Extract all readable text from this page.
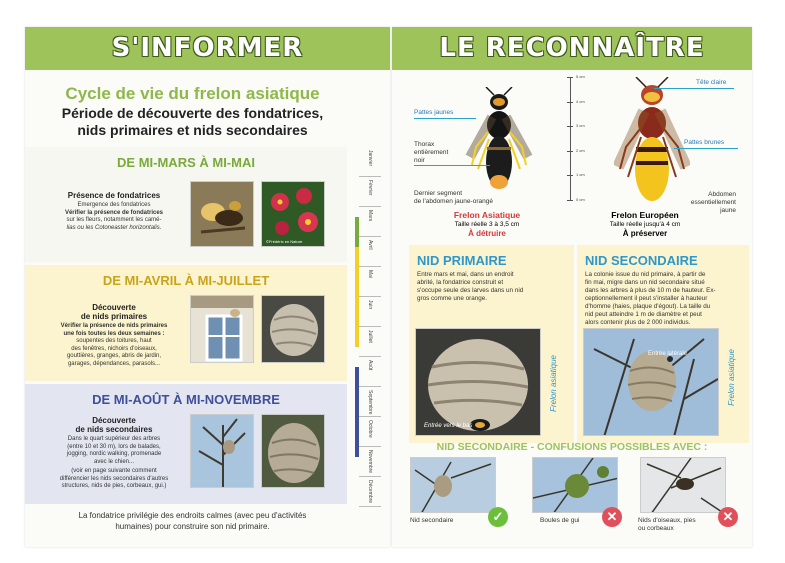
S'INFORMER
Cycle de vie du frelon asiatique
Période de découverte des fondatrices,
nids primaires et nids secondaires
DE MI-MARS À MI-MAI
Présence de fondatrices
Emergence des fondatrices
Vérifier la présence de fondatrices
sur les fleurs, notamment les camé-
lias ou les Cotoneaster horizontalis.
©Frédéric en Nature
DE MI-AVRIL À MI-JUILLET
Découverte
de nids primaires
Vérifier la présence de nids primaires
une fois toutes les deux semaines :
soupentes des toitures, haut
des fenêtres, nichoirs d'oiseaux,
gouttières, granges, abris de jardin,
garages, dépendances, parasols...
DE MI-AOÛT À MI-NOVEMBRE
Découverte
de nids secondaires
Dans le quart supérieur des arbres
(entre 10 et 30 m), lors de balades,
jogging, nordic walking, promenade
avec le chien...
(voir en page suivante comment
différencier les nids secondaires d'autres
structures, nids de pies, corbeaux, gui.)
Janvier
Février
Mars
Avril
Mai
Juin
Juillet
Août
Septembre
Octobre
Novembre
Décembre
La fondatrice privilégie des endroits calmes (avec peu d'activités
humaines) pour construire son nid primaire.
LE RECONNAÎTRE
Pattes jaunes
Thorax
entièrement
noir
Dernier segment
de l'abdomen jaune-orangé
Frelon Asiatique
Taille réelle 3 à 3,5 cm
À détruire
5 cm
4 cm
3 cm
2 cm
1 cm
0 cm
Tête claire
Pattes brunes
Abdomen
essentiellement jaune
Frelon Européen
Taille réelle jusqu'à 4 cm
À préserver
NID PRIMAIRE
Entre mars et mai, dans un endroit
abrité, la fondatrice construit et
s'occupe seule des larves dans un nid
gros comme une orange.
Entrée vers le bas
Frelon asiatique
NID SECONDAIRE
La colonie issue du nid primaire, à partir de
fin mai, migre dans un nid secondaire situé
dans les arbres à plus de 10 m de hauteur. Ex-
ceptionnellement il peut s'installer à hauteur
d'homme (haies, plaque d'égout). La taille du
nid peut atteindre 1 m de diamètre et peut
alors contenir plus de 2 000 individus.
Entrée latérale	Frelon asiatique
NID SECONDAIRE - CONFUSIONS POSSIBLES AVEC :
Nid secondaire	✓	Boules de gui	✕	Nids d'oiseaux, pies
ou corbeaux
✕
